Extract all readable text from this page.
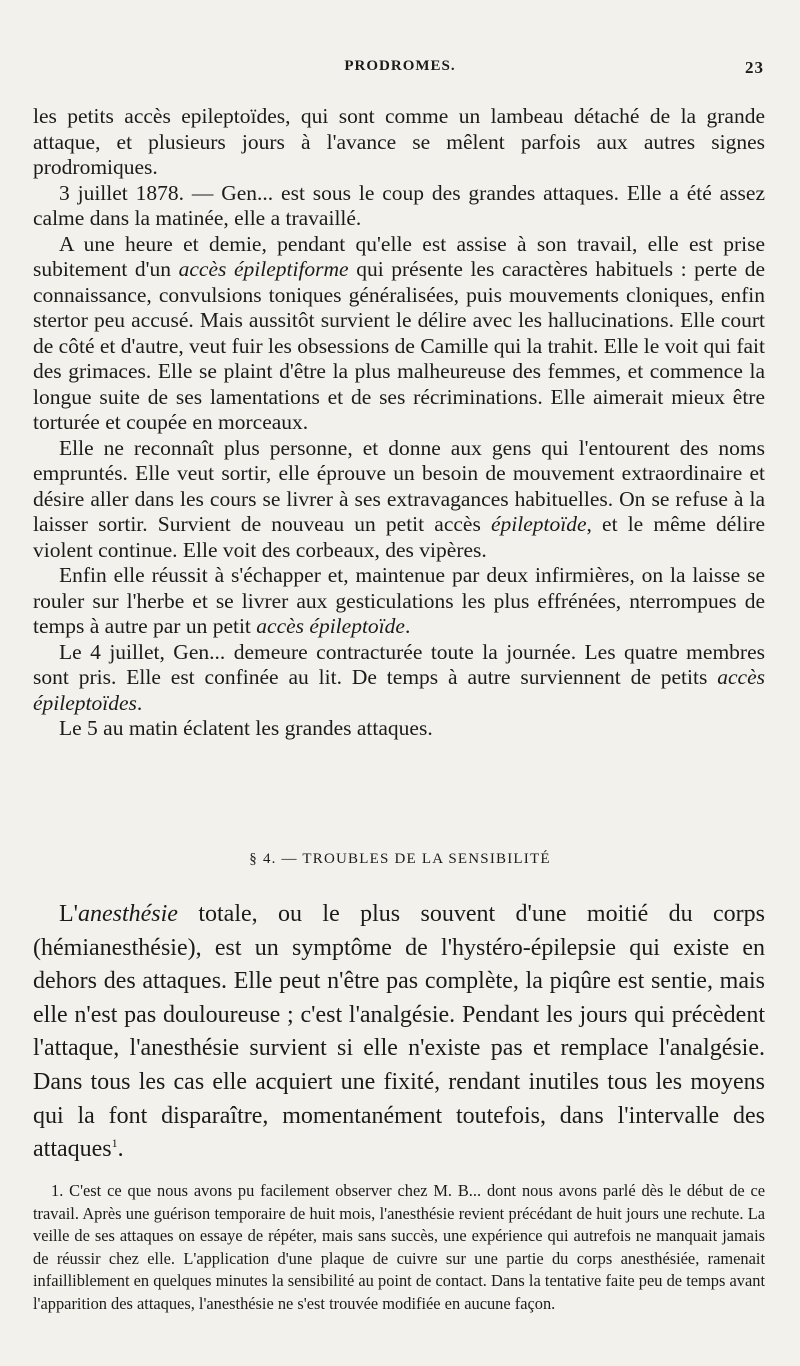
PRODROMES.	23

les petits accès epileptoïdes, qui sont comme un lambeau détaché de la grande attaque, et plusieurs jours à l'avance se mêlent parfois aux autres signes prodromiques.

3 juillet 1878. — Gen... est sous le coup des grandes attaques. Elle a été assez calme dans la matinée, elle a travaillé.

A une heure et demie, pendant qu'elle est assise à son travail, elle est prise subitement d'un accès épileptiforme qui présente les caractères habituels : perte de connaissance, convulsions toniques généralisées, puis mouvements cloniques, enfin stertor peu accusé. Mais aussitôt survient le délire avec les hallucinations. Elle court de côté et d'autre, veut fuir les obsessions de Camille qui la trahit. Elle le voit qui fait des grimaces. Elle se plaint d'être la plus malheureuse des femmes, et commence la longue suite de ses lamentations et de ses récriminations. Elle aimerait mieux être torturée et coupée en morceaux.

Elle ne reconnaît plus personne, et donne aux gens qui l'entourent des noms empruntés. Elle veut sortir, elle éprouve un besoin de mouvement extraordinaire et désire aller dans les cours se livrer à ses extravagances habituelles. On se refuse à la laisser sortir. Survient de nouveau un petit accès épileptoïde, et le même délire violent continue. Elle voit des corbeaux, des vipères.

Enfin elle réussit à s'échapper et, maintenue par deux infirmières, on la laisse se rouler sur l'herbe et se livrer aux gesticulations les plus effrénées, nterrompues de temps à autre par un petit accès épileptoïde.

Le 4 juillet, Gen... demeure contracturée toute la journée. Les quatre membres sont pris. Elle est confinée au lit. De temps à autre surviennent de petits accès épileptoïdes.

Le 5 au matin éclatent les grandes attaques.

§ 4. — TROUBLES DE LA SENSIBILITÉ

L'anesthésie totale, ou le plus souvent d'une moitié du corps (hémianesthésie), est un symptôme de l'hystéro-épilepsie qui existe en dehors des attaques. Elle peut n'être pas complète, la piqûre est sentie, mais elle n'est pas douloureuse ; c'est l'analgésie. Pendant les jours qui précèdent l'attaque, l'anesthésie survient si elle n'existe pas et remplace l'analgésie. Dans tous les cas elle acquiert une fixité, rendant inutiles tous les moyens qui la font disparaître, momentanément toutefois, dans l'intervalle des attaques$^1$.

1. C'est ce que nous avons pu facilement observer chez M. B... dont nous avons parlé dès le début de ce travail. Après une guérison temporaire de huit mois, l'anesthésie revient précédant de huit jours une rechute. La veille de ses attaques on essaye de répéter, mais sans succès, une expérience qui autrefois ne manquait jamais de réussir chez elle. L'application d'une plaque de cuivre sur une partie du corps anesthésiée, ramenait infailliblement en quelques minutes la sensibilité au point de contact. Dans la tentative faite peu de temps avant l'apparition des attaques, l'anesthésie ne s'est trouvée modifiée en aucune façon.
